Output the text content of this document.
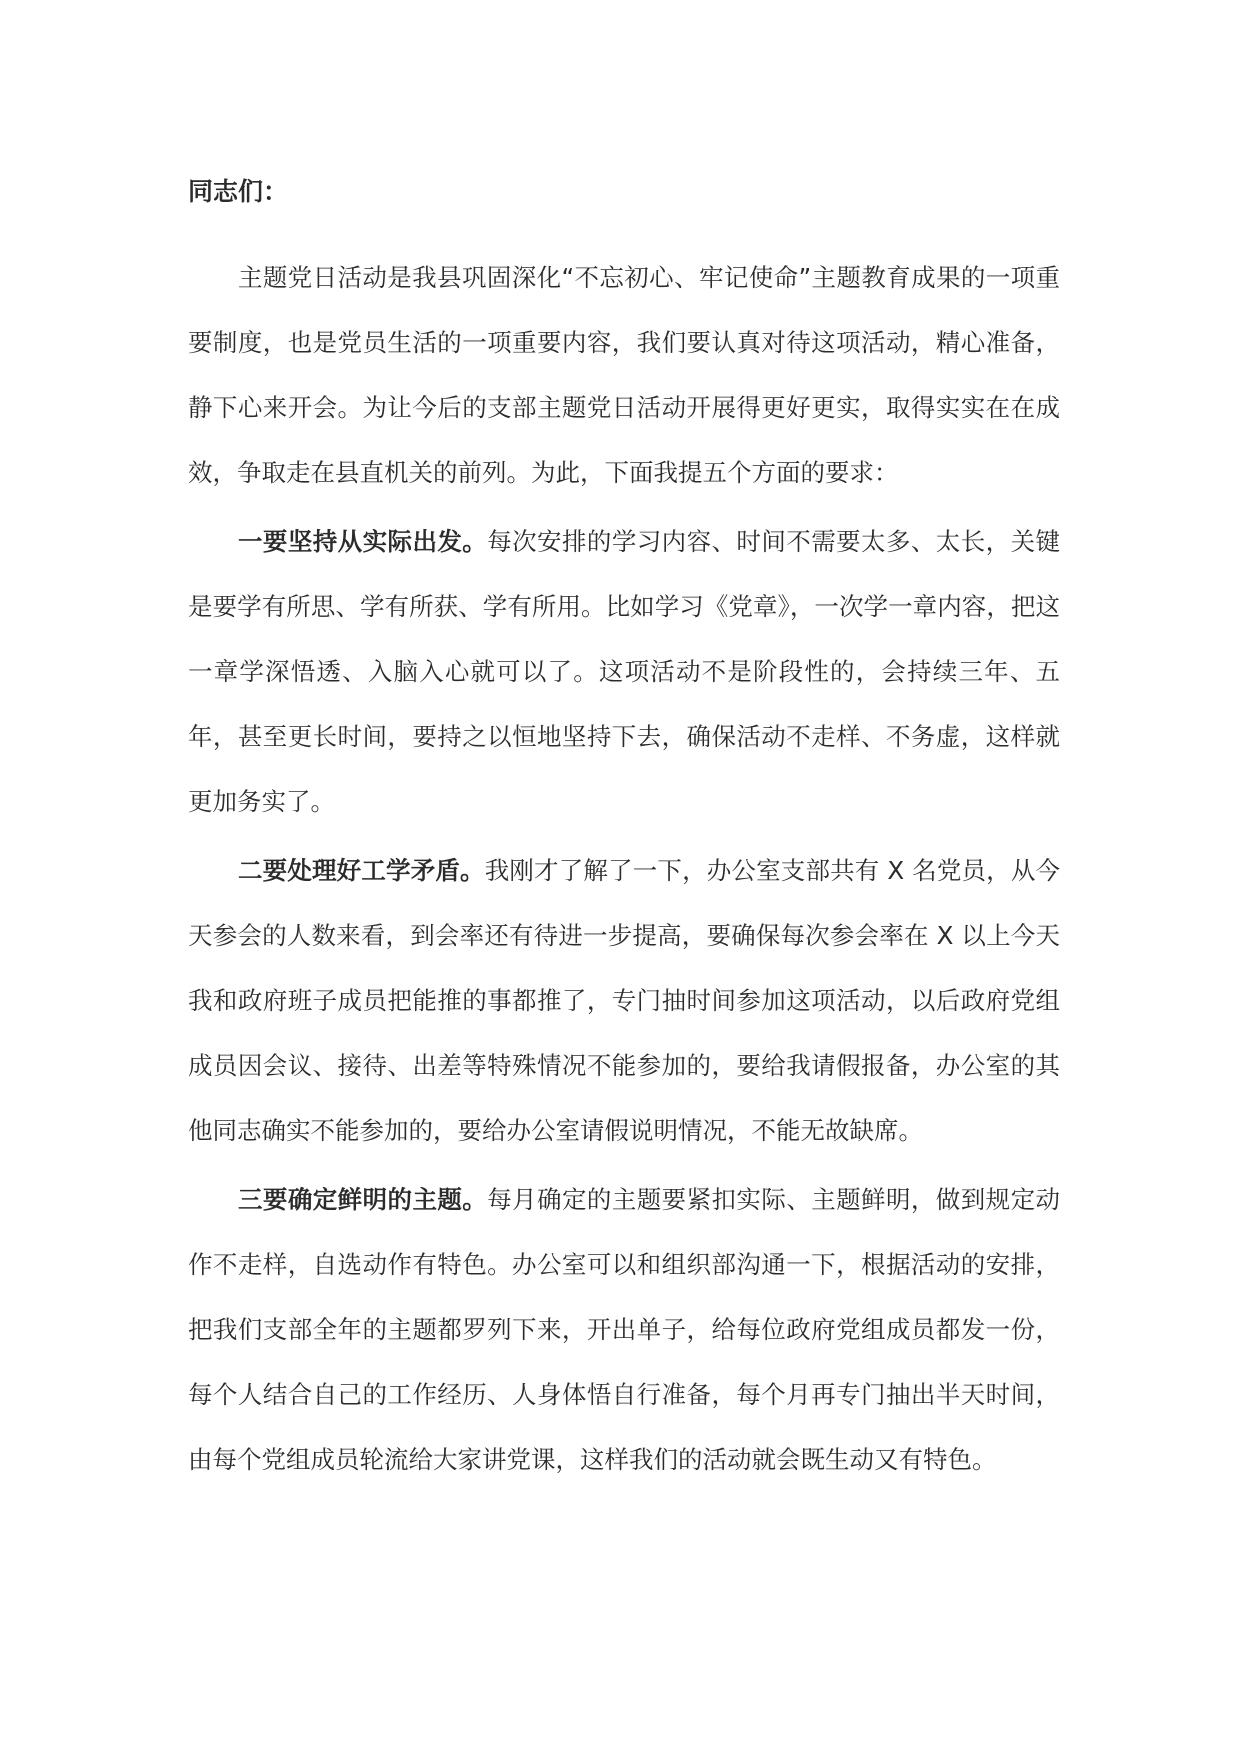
同志们：

主题党日活动是我县巩固深化“不忘初心、牢记使命”主题教育成果的一项重要制度，也是党员生活的一项重要内容，我们要认真对待这项活动，精心准备，静下心来开会。为让今后的支部主题党日活动开展得更好更实，取得实实在在成效，争取走在县直机关的前列。为此，下面我提五个方面的要求：

一要坚持从实际出发。每次安排的学习内容、时间不需要太多、太长，关键是要学有所思、学有所获、学有所用。比如学习《党章》，一次学一章内容，把这一章学深悟透、入脑入心就可以了。这项活动不是阶段性的，会持续三年、五年，甚至更长时间，要持之以恒地坚持下去，确保活动不走样、不务虚，这样就更加务实了。

二要处理好工学矛盾。我刚才了解了一下，办公室支部共有 X 名党员，从今天参会的人数来看，到会率还有待进一步提高，要确保每次参会率在 X 以上今天我和政府班子成员把能推的事都推了，专门抽时间参加这项活动，以后政府党组成员因会议、接待、出差等特殊情况不能参加的，要给我请假报备，办公室的其他同志确实不能参加的，要给办公室请假说明情况，不能无故缺席。

三要确定鲜明的主题。每月确定的主题要紧扣实际、主题鲜明，做到规定动作不走样，自选动作有特色。办公室可以和组织部沟通一下，根据活动的安排，把我们支部全年的主题都罗列下来，开出单子，给每位政府党组成员都发一份，每个人结合自己的工作经历、人身体悟自行准备，每个月再专门抽出半天时间，由每个党组成员轮流给大家讲党课，这样我们的活动就会既生动又有特色。
